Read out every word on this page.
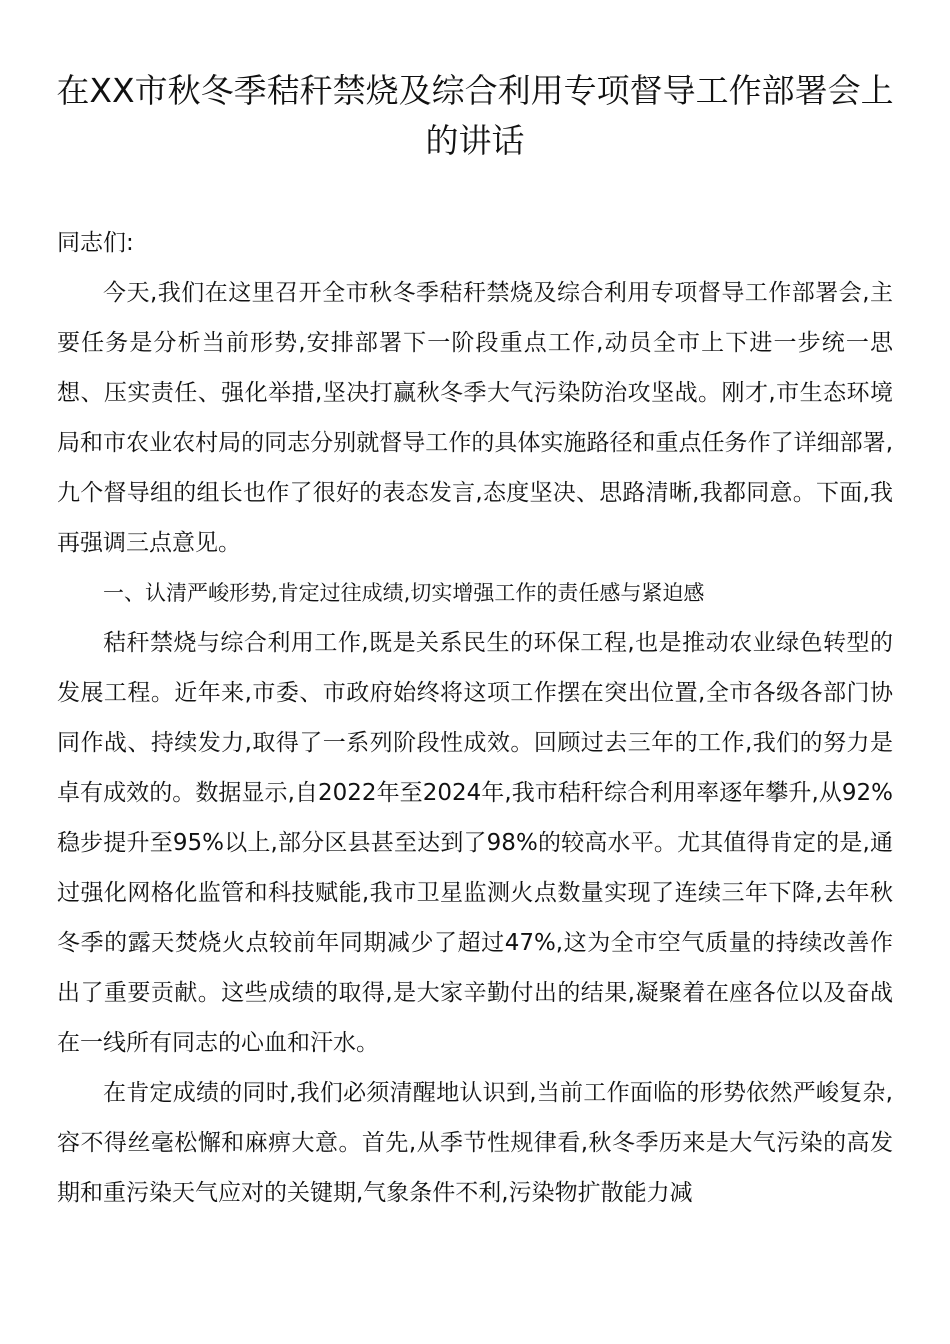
在XX市秋冬季秸秆禁烧及综合利用专项督导工作部署会上的讲话

同志们:

今天,我们在这里召开全市秋冬季秸秆禁烧及综合利用专项督导工作部署会,主要任务是分析当前形势,安排部署下一阶段重点工作,动员全市上下进一步统一思想、压实责任、强化举措,坚决打赢秋冬季大气污染防治攻坚战。刚才,市生态环境局和市农业农村局的同志分别就督导工作的具体实施路径和重点任务作了详细部署,九个督导组的组长也作了很好的表态发言,态度坚决、思路清晰,我都同意。下面,我再强调三点意见。

一、认清严峻形势,肯定过往成绩,切实增强工作的责任感与紧迫感

秸秆禁烧与综合利用工作,既是关系民生的环保工程,也是推动农业绿色转型的发展工程。近年来,市委、市政府始终将这项工作摆在突出位置,全市各级各部门协同作战、持续发力,取得了一系列阶段性成效。回顾过去三年的工作,我们的努力是卓有成效的。数据显示,自2022年至2024年,我市秸秆综合利用率逐年攀升,从92%稳步提升至95%以上,部分区县甚至达到了98%的较高水平。尤其值得肯定的是,通过强化网格化监管和科技赋能,我市卫星监测火点数量实现了连续三年下降,去年秋冬季的露天焚烧火点较前年同期减少了超过47%,这为全市空气质量的持续改善作出了重要贡献。这些成绩的取得,是大家辛勤付出的结果,凝聚着在座各位以及奋战在一线所有同志的心血和汗水。

在肯定成绩的同时,我们必须清醒地认识到,当前工作面临的形势依然严峻复杂,容不得丝毫松懈和麻痹大意。首先,从季节性规律看,秋冬季历来是大气污染的高发期和重污染天气应对的关键期,气象条件不利,污染物扩散能力减
